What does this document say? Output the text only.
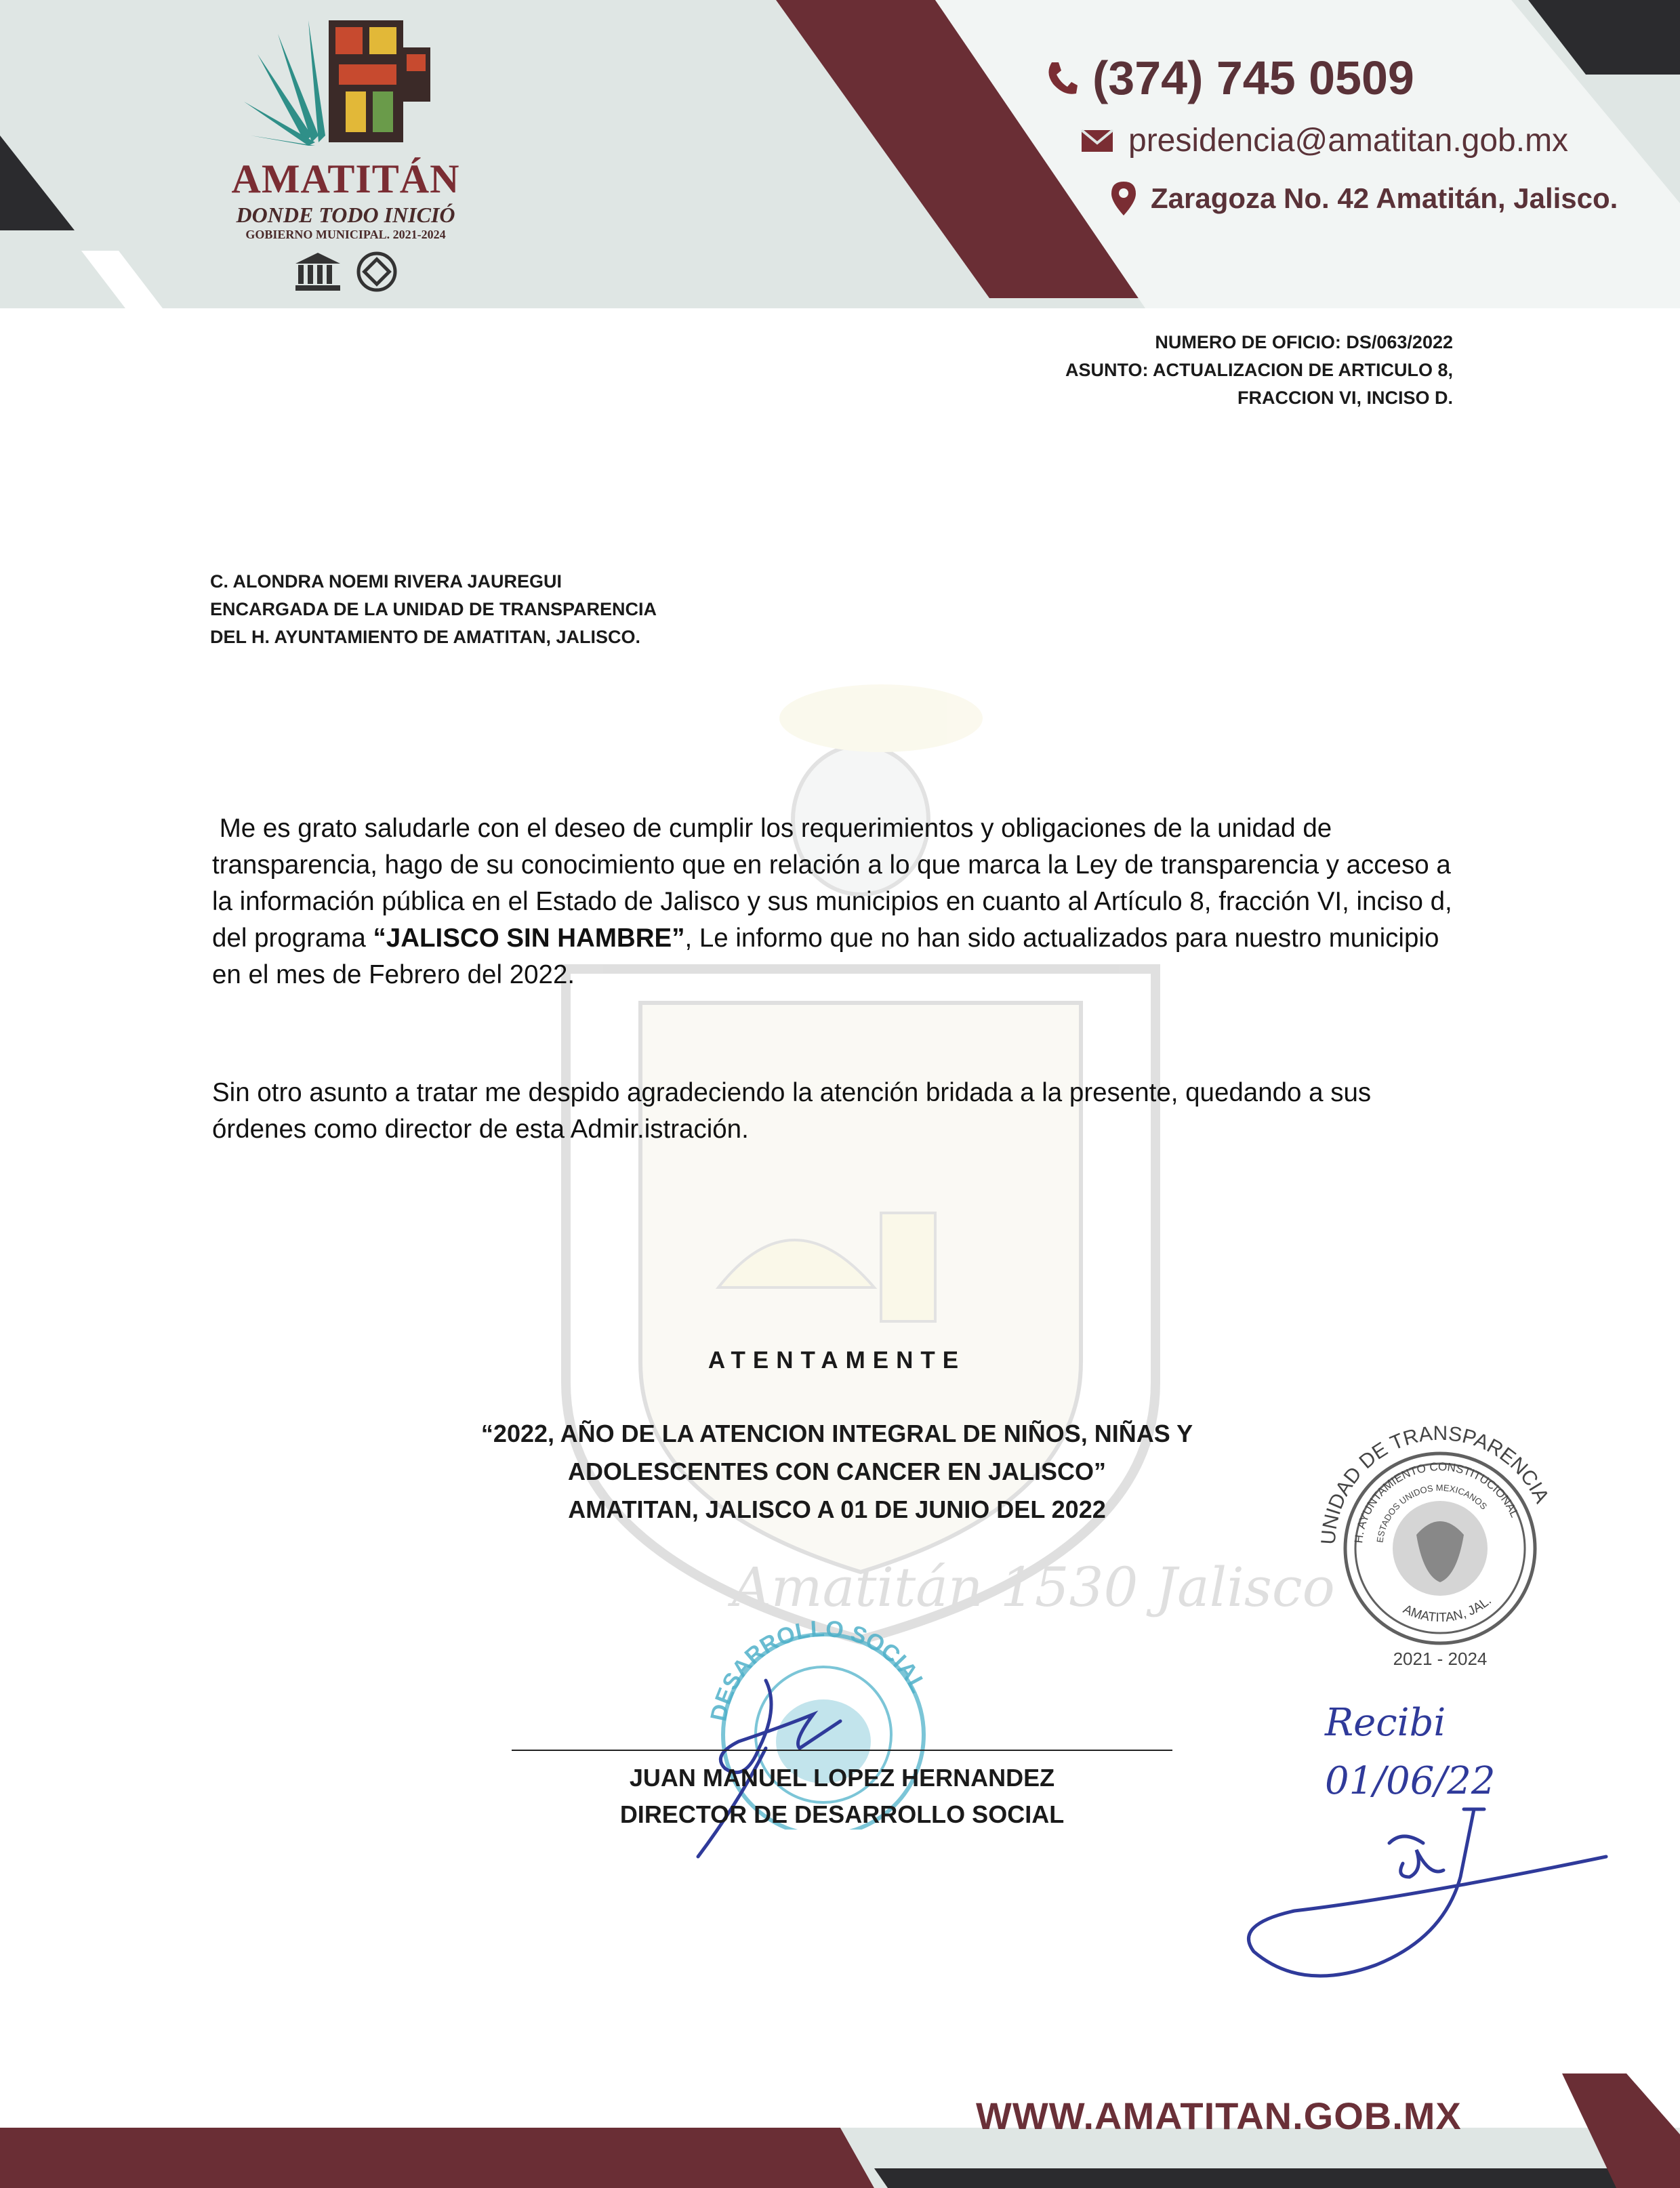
Amatitán 1530 Jalisco
AMATITÁN
DONDE TODO INICIÓ
GOBIERNO MUNICIPAL. 2021-2024
(374) 745 0509
presidencia@amatitan.gob.mx
Zaragoza No. 42 Amatitán, Jalisco.
NUMERO DE OFICIO: DS/063/2022
ASUNTO: ACTUALIZACION DE ARTICULO 8,
FRACCION VI, INCISO D.
C. ALONDRA NOEMI RIVERA JAUREGUI
ENCARGADA DE LA UNIDAD DE TRANSPARENCIA
DEL H. AYUNTAMIENTO DE AMATITAN, JALISCO.
Me es grato saludarle con el deseo de cumplir los requerimientos y obligaciones de la unidad de transparencia, hago de su conocimiento que en relación a lo que marca la Ley de transparencia y acceso a la información pública en el Estado de Jalisco y sus municipios en cuanto al Artículo 8, fracción VI, inciso d, del programa “JALISCO SIN HAMBRE”, Le informo que no han sido actualizados para nuestro municipio en el mes de Febrero del 2022.
Sin otro asunto a tratar me despido agradeciendo la atención bridada a la presente, quedando a sus órdenes como director de esta Admir.istración.
ATENTAMENTE
“2022, AÑO DE LA ATENCION INTEGRAL DE NIÑOS, NIÑAS Y
ADOLESCENTES CON CANCER EN JALISCO”
AMATITAN, JALISCO A 01 DE JUNIO DEL 2022
DESARROLLO SOCIAL
JUAN MANUEL LOPEZ HERNANDEZ
DIRECTOR DE DESARROLLO SOCIAL
UNIDAD DE TRANSPARENCIA
H. AYUNTAMIENTO CONSTITUCIONAL
ESTADOS UNIDOS MEXICANOS
AMATITAN, JAL.
2021 - 2024
Recibi
01/06/22
WWW.AMATITAN.GOB.MX
